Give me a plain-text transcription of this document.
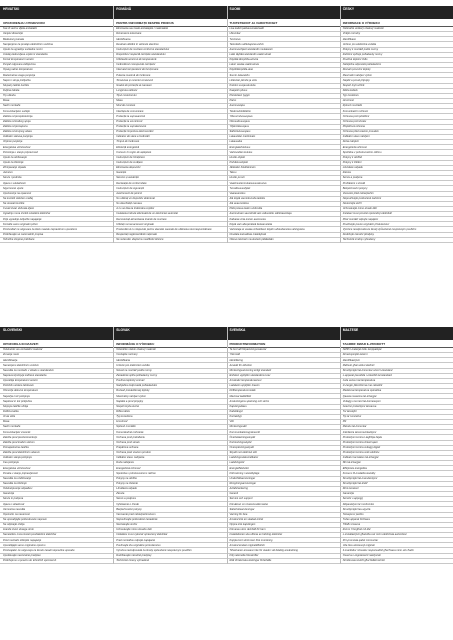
HRVATSKI	ROMÂNĂ	SUOMI	ČESKY
UPOZORENJA U PRIJEVODU	PENTRU INFORMAȚII DESPRE PRODUS	TUOTETIEDOT JA VAROITUKSET	INFORMACE O VÝROBKU
Sve ili većinu dijela ambalaže	Eliminarea sau toate ambalajele / materialele	Lisa kaikki pakkausmateriaalit	Odstraňte veškerý obalový materiál
Vanjski dimenzije	Dimensiuni exterioare	Ulkomitat	Vnější rozměry
Bedeutung kanala	Identificarea	Tunnistus	Identifikace
Namjenjeno za prodaju električnim vozilima	Destinat utilizării în vehicule electrice	Tarkoitettu sähköajoneuvoihin	Určeno pro elektrická vozidla
Upute za ugradnju sukladne normi	Instrucțiuni de montare conforme standardului	Asennusohjeet standardin mukaisesti	Pokyny k montáži podle normy
Uredaj zadovoljava uvjete iz standarda	Dispozitivul respectă cerințele standardului	Laite täyttää standardin vaatimukset	Zařízení splňuje požadavky normy
Koristi temperaturni senzor	Utilizează senzorul de temperatură	Käyttää lämpötila-anturia	Používá teplotní čidlo
Punjač odgovara zahtjevima	Încărcătorul corespunde cerințelor	Laturi vastaa vaatimuksia	Nabíječka odpovídá požadavkům
Opseg radne temperature	Intervalul temperaturii de funcționare	Käyttölämpötila-alue	Rozsah provozní teploty
Maksimalna snaga punjenja	Puterea maximă de încărcare	Suurin latausteho	Maximální nabíjecí výkon
Napon i struja priključka	Tensiunea și curentul conexiunii	Liitännän jännite ja virta	Napětí a proud přípojky
Stupanj zaštite kućišta	Gradul de protecție al carcasei	Kotelon suojausluokka	Stupeň krytí skříně
Duljina kabela	Lungimea cablului	Kaapelin pituus	Délka kabelu
Tip utikača	Tipul conectorului	Pistokkeen tyyppi	Typ konektoru
Masa	Masa	Paino	Hmotnost
Način montaže	Mod de montare	Asennustapa	Způsob montáže
Komunikacijsko sučelje	Interfața de comunicare	Tiedonsiirtoliitäntä	Komunikační rozhraní
Zaštita od preopterećenja	Protecție la suprasarcină	Ylikuormitussuojaus	Ochrana proti přetížení
Zaštita od kratkog spoja	Protecție la scurtcircuit	Oikosulkusuojaus	Ochrana proti zkratu
Zaštita od prenapona	Protecție la supratensiune	Ylijännitesuojaus	Přepěťová ochrana
Zaštita od strujnog udara	Protecție împotriva electrocutării	Sähköiskusuojaus	Ochrana před úrazem proudem
Indikator statusa punjenja	Indicator de stare a încărcării	Lataustilan merkkivalo	Indikátor stavu nabíjení
Vrijeme punjenja	Timpul de încărcare	Latausaika	Doba nabíjení
Energetska učinkovitost	Eficiență energetică	Energiatehokkuus	Energetická účinnost
Potrošnja u stanju pripravnosti	Consum în regim de așteptare	Valmiustilan kulutus	Spotřeba v pohotovostním režimu
Upute za održavanje	Instrucțiuni de întreținere	Huolto-ohjeet	Pokyny k údržbě
Upute za čišćenje	Instrucțiuni de curățare	Puhdistusohjeet	Pokyny k čištění
Zbrinjavanje otpada	Eliminarea deșeurilor	Jätteiden hävittäminen	Likvidace odpadu
Jamstvo	Garanție	Takuu	Záruka
Servis i podrška	Service și asistență	Huolto ja tuki	Servis a podpora
Izjava o sukladnosti	Declarație de conformitate	Vaatimustenmukaisuusvakuutus	Prohlášení o shodě
Sigurnosne upute	Instrucțiuni de siguranță	Turvallisuusohjeet	Bezpečnostní pokyny
Upozorenje na opasnost	Avertisment de pericol	Vaaravaroitus	Varování před nebezpečím
Ne koristiti oštećen uređaj	Nu utilizați un dispozitiv deteriorat	Älä käytä vaurioitunutta laitetta	Nepoužívejte poškozené zařízení
Ne otvarati kućište	Nu deschideți carcasa	Älä avaa koteloa	Neotvírejte skříň
Čuvati izvan dohvata djece	A nu se lăsa la îndemâna copiilor	Pidä poissa lasten ulottuvilta	Uchovávejte mimo dosah dětí
Ugradnju mora izvršiti ovlašteni električar	Instalarea trebuie efectuată de un electrician autorizat	Asennuksen saa tehdä vain valtuutettu sähköasentaja	Instalaci musí provést oprávněný elektrikář
Prije ugradnje isključite napajanje	Deconectați alimentarea înainte de montare	Katkaise virta ennen asennusta	Před montáží odpojte napájení
Koristite samo originalni pribor	Utilizați numai accesorii originale	Käytä vain alkuperäisiä lisävarusteita	Používejte pouze originální příslušenství
Proizvođač ne odgovara za štetu nastalu nepravilnom uporabom	Producătorul nu răspunde pentru daunele cauzate de utilizarea necorespunzătoare	Valmistaja ei vastaa virheellisen käytön aiheuttamista vahingoista	Výrobce neodpovídá za škody způsobené nesprávným použitím
Pridržavajte se nacionalnih propisa	Respectați reglementările naționale	Noudata kansallisia määräyksiä	Dodržujte národní předpisy
Tehničke izmjene pridržane	Ne rezervăm dreptul la modificări tehnice	Oikeus teknisiin muutoksiin pidätetään	Technické změny vyhrazeny
SLOVENSKI	SLOVAK	SVENSKA	MALTESE
OPOZORILA IN NASVETI	INFORMÁCIE O VÝROBKU	PRODUKTINFORMATION	TAGĦRIF DWAR IL-PRODOTT
Odstranite ves embalažni material	Odstráňte všetok obalový materiál	Ta bort allt förpackningsmaterial	Neħħi l-materjal kollu tal-ippakkjar
Zunanje mere	Vonkajšie rozmery	Yttermått	Dimensjonijiet esterni
Identifikacija	Identifikácia	Identifiering	Identifikazzjoni
Namenjeno električnim vozilom	Určené pre elektrické vozidlá	Avsedd för elfordon	Maħsub għal vetturi elettriċi
Navodila za montažo v skladu s standardom	Návod na montáž podľa normy	Monteringsanvisning enligt standard	Struzzjonijiet tal-immuntar skont l-istandard
Naprava izpolnjuje zahteve standarda	Zariadenie spĺňa požiadavky normy	Enheten uppfyller standardens krav	L-apparat jissodisfa r-rekwiżiti tal-istandard
Uporablja temperaturni senzor	Používa teplotný snímač	Använder temperatursensor	Juża sensur tat-temperatura
Polnilnik ustreza zahtevam	Nabíjačka zodpovedá požiadavkám	Laddaren uppfyller kraven	Iċ-ċarġer jikkonforma mar-rekwiżiti
Območje delovne temperature	Rozsah prevádzkovej teploty	Drifttemperaturområde	Medda tat-temperatura operattiva
Največja moč polnjenja	Maximálny nabíjací výkon	Maximal laddeffekt	Qawwa massima tal-iċċarġjar
Napetost in tok priključka	Napätie a prúd prípojky	Anslutningens spänning och ström	Vultaġġ u kurrent tal-konnessjoni
Stopnja zaščite ohišja	Stupeň krytia skrine	Kapslingsklass	Grad ta' protezzjoni tal-kaxxa
Dolžina kabla	Dĺžka kábla	Kabellängd	Tul tal-kejbil
Vrsta vtiča	Typ konektora	Kontakttyp	Tip ta' konnettur
Masa	Hmotnosť	Vikt	Piż
Način montaže	Spôsob montáže	Monteringssätt	Metodu tal-immuntar
Komunikacijski vmesnik	Komunikačné rozhranie	Kommunikationsgränssnitt	Interfaċċa tal-komunikazzjoni
Zaščita pred preobremenitvijo	Ochrana proti preťaženiu	Överbelastningsskydd	Protezzjoni kontra t-tagħbija żejda
Zaščita pred kratkim stikom	Ochrana proti skratu	Kortslutningsskydd	Protezzjoni kontra ċirkwit qasir
Prenapetostna zaščita	Prepäťová ochrana	Överspänningsskydd	Protezzjoni kontra vultaġġ żejjed
Zaščita pred električnim udarom	Ochrana pred úrazom prúdom	Skydd mot elektrisk stöt	Protezzjoni kontra xokk elettriku
Indikator stanja polnjenja	Indikátor stavu nabíjania	Laddningsstatusindikator	Indikatur tal-istatus tal-iċċarġjar
Čas polnjenja	Doba nabíjania	Laddningstid	Ħin tal-iċċarġjar
Energetska učinkovitost	Energetická účinnosť	Energieffektivitet	Effiċjenza enerġetika
Poraba v stanju pripravljenosti	Spotreba v pohotovostnom režime	Förbrukning i standbyläge	Konsum fil-modalità standby
Navodila za vzdrževanje	Pokyny na údržbu	Underhållsanvisningar	Struzzjonijiet tal-manutenzjoni
Navodila za čiščenje	Pokyny na čistenie	Rengöringsanvisningar	Struzzjonijiet tat-tindif
Odstranjevanje odpadkov	Likvidácia odpadu	Avfallshantering	Rimi tal-iskart
Garancija	Záruka	Garanti	Garanzija
Servis in podpora	Servis a podpora	Service och support	Servizz u appoġġ
Izjava o skladnosti	Vyhlásenie o zhode	Försäkran om överensstämmelse	Dikjarazzjoni ta' konformità
Varnostna navodila	Bezpečnostné pokyny	Säkerhetsanvisningar	Struzzjonijiet tas-sigurtà
Opozorilo na nevarnost	Varovanie pred nebezpečenstvom	Varning för fara	Twissija ta' periklu
Ne uporabljajte poškodovane naprave	Nepoužívajte poškodené zariadenie	Använd inte en skadad enhet	Tużax apparat bil-ħsara
Ne odpirajte ohišja	Neotvárajte skriňu	Öppna inte kapslingen	Tiftaħx il-kaxxa
Hranite izven dosega otrok	Uchovávajte mimo dosahu detí	Förvaras utom räckhåll för barn	Żomm 'il bogħod mit-tfal
Namestitev mora izvesti pooblaščeni električar	Inštaláciu musí vykonať oprávnený elektrikár	Installationen ska utföras av behörig elektriker	L-installazzjoni għandha ssir minn elettriċista awtorizzat
Pred montažo izklopite napajanje	Pred montážou odpojte napájanie	Koppla bort strömmen före montering	Itfi l-provvista qabel l-immuntar
Uporabljajte samo originalno opremo	Používajte iba originálne príslušenstvo	Använd endast originaltillbehör	Uża biss aċċessorji oriġinali
Proizvajalec ne odgovarja za škodo zaradi nepravilne uporabe	Výrobca nezodpovedá za škody spôsobené nesprávnym použitím	Tillverkaren ansvarar inte för skador vid felaktig användning	Il-manifattur mhuwiex responsabbli għal ħsara minn użu ħażin
Upoštevajte nacionalne predpise	Dodržiavajte národné predpisy	Följ nationella föreskrifter	Osserva r-regolamenti nazzjonali
Pridržujemo si pravico do tehničnih sprememb	Technické zmeny vyhradené	Rätt till tekniska ändringar förbehålls	Nirriżervaw id-dritt għal bidliet tekniċi
